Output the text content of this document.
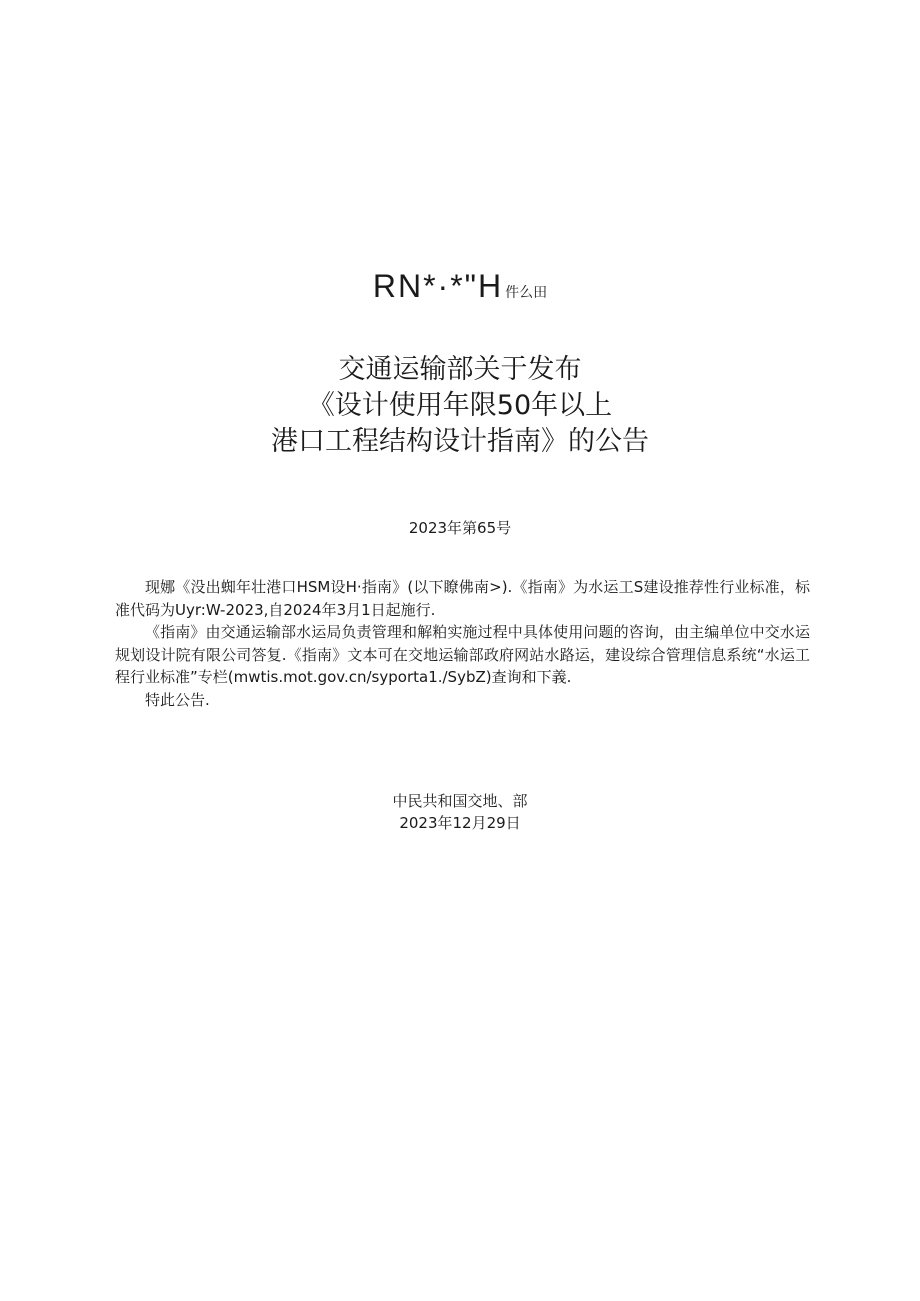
RN*·*"H 件么田

交通运输部关于发布

《设计使用年限50年以上

港口工程结构设计指南》的公告

2023年第65号

现娜《没出蜘年壮港口HSM设H·指南》(以下瞭佛南>).《指南》为水运工S建设推荐性行业标准，标准代码为Uyr:W-2023,自2024年3月1日起施行.

《指南》由交通运输部水运局负责管理和解粕实施过程中具体使用问题的咨询，由主编单位中交水运规划设计院有限公司答复.《指南》文本可在交地运输部政府网站水路运，建设综合管理信息系统“水运工程行业标准”专栏(mwtis.mot.gov.cn/syporta1./SybZ)查询和下義.

特此公告.

中民共和国交地、部
2023年12月29日
